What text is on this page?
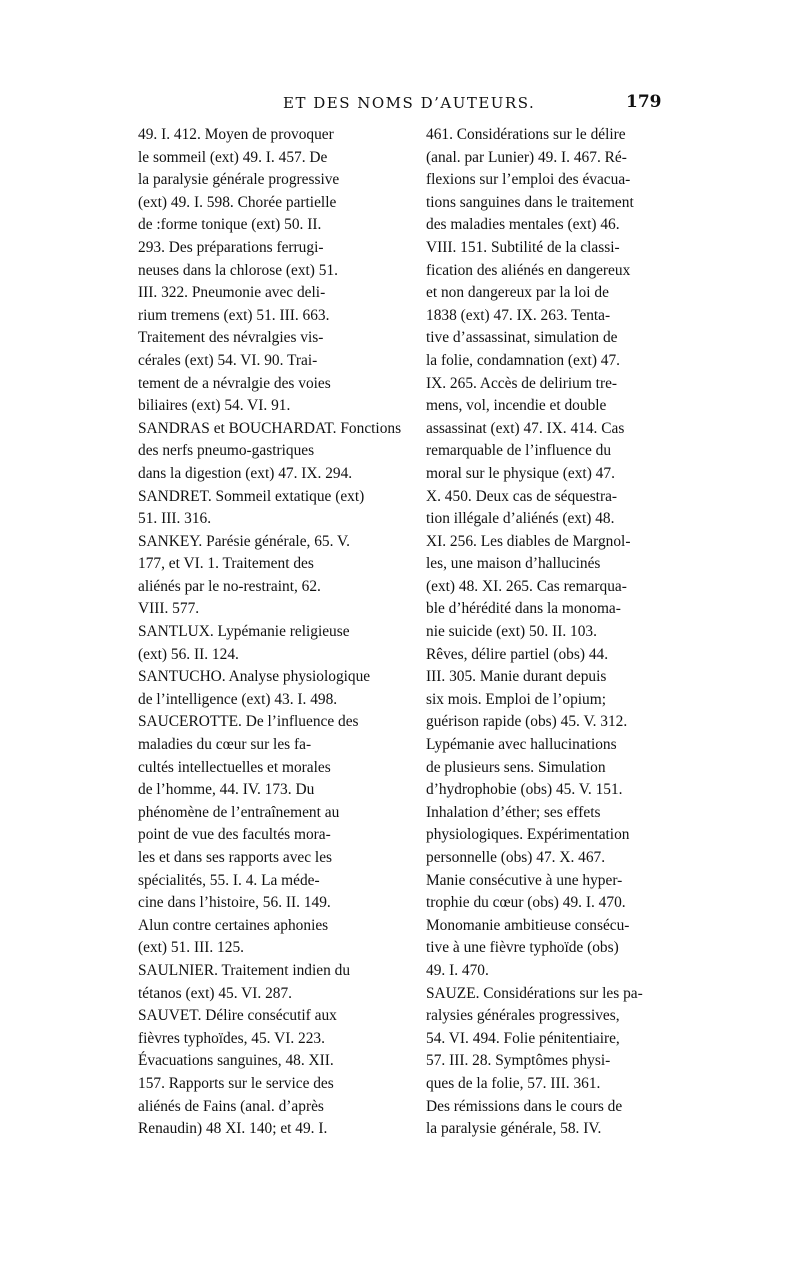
ET DES NOMS D’AUTEURS.	179
49. I. 412. Moyen de provoquer
le sommeil (ext) 49. I. 457. De
la paralysie générale progressive
(ext) 49. I. 598. Chorée partielle
de :forme tonique (ext) 50. II.
293. Des préparations ferrugi-
neuses dans la chlorose (ext) 51.
III. 322. Pneumonie avec deli-
rium tremens (ext) 51. III. 663.
Traitement des névralgies vis-
cérales (ext) 54. VI. 90. Trai-
tement de a névralgie des voies
biliaires (ext) 54. VI. 91.
SANDRAS et BOUCHARDAT. Fonctions
des nerfs pneumo-gastriques
dans la digestion (ext) 47. IX. 294.
SANDRET. Sommeil extatique (ext)
51. III. 316.
SANKEY. Parésie générale, 65. V.
177, et VI. 1. Traitement des
aliénés par le no-restraint, 62.
VIII. 577.
SANTLUX. Lypémanie religieuse
(ext) 56. II. 124.
SANTUCHO. Analyse physiologique
de l’intelligence (ext) 43. I. 498.
SAUCEROTTE. De l’influence des
maladies du cœur sur les fa-
cultés intellectuelles et morales
de l’homme, 44. IV. 173. Du
phénomène de l’entraînement au
point de vue des facultés mora-
les et dans ses rapports avec les
spécialités, 55. I. 4. La méde-
cine dans l’histoire, 56. II. 149.
Alun contre certaines aphonies
(ext) 51. III. 125.
SAULNIER. Traitement indien du
tétanos (ext) 45. VI. 287.
SAUVET. Délire consécutif aux
fièvres typhoïdes, 45. VI. 223.
Évacuations sanguines, 48. XII.
157. Rapports sur le service des
aliénés de Fains (anal. d’après
Renaudin) 48 XI. 140; et 49. I.
461. Considérations sur le délire
(anal. par Lunier) 49. I. 467. Ré-
flexions sur l’emploi des évacua-
tions sanguines dans le traitement
des maladies mentales (ext) 46.
VIII. 151. Subtilité de la classi-
fication des aliénés en dangereux
et non dangereux par la loi de
1838 (ext) 47. IX. 263. Tenta-
tive d’assassinat, simulation de
la folie, condamnation (ext) 47.
IX. 265. Accès de delirium tre-
mens, vol, incendie et double
assassinat (ext) 47. IX. 414. Cas
remarquable de l’influence du
moral sur le physique (ext) 47.
X. 450. Deux cas de séquestra-
tion illégale d’aliénés (ext) 48.
XI. 256. Les diables de Margnol-
les, une maison d’hallucinés
(ext) 48. XI. 265. Cas remarqua-
ble d’hérédité dans la monoma-
nie suicide (ext) 50. II. 103.
Rêves, délire partiel (obs) 44.
III. 305. Manie durant depuis
six mois. Emploi de l’opium;
guérison rapide (obs) 45. V. 312.
Lypémanie avec hallucinations
de plusieurs sens. Simulation
d’hydrophobie (obs) 45. V. 151.
Inhalation d’éther; ses effets
physiologiques. Expérimentation
personnelle (obs) 47. X. 467.
Manie consécutive à une hyper-
trophie du cœur (obs) 49. I. 470.
Monomanie ambitieuse consécu-
tive à une fièvre typhoïde (obs)
49. I. 470.
SAUZE. Considérations sur les pa-
ralysies générales progressives,
54. VI. 494. Folie pénitentiaire,
57. III. 28. Symptômes physi-
ques de la folie, 57. III. 361.
Des rémissions dans le cours de
la paralysie générale, 58. IV.
